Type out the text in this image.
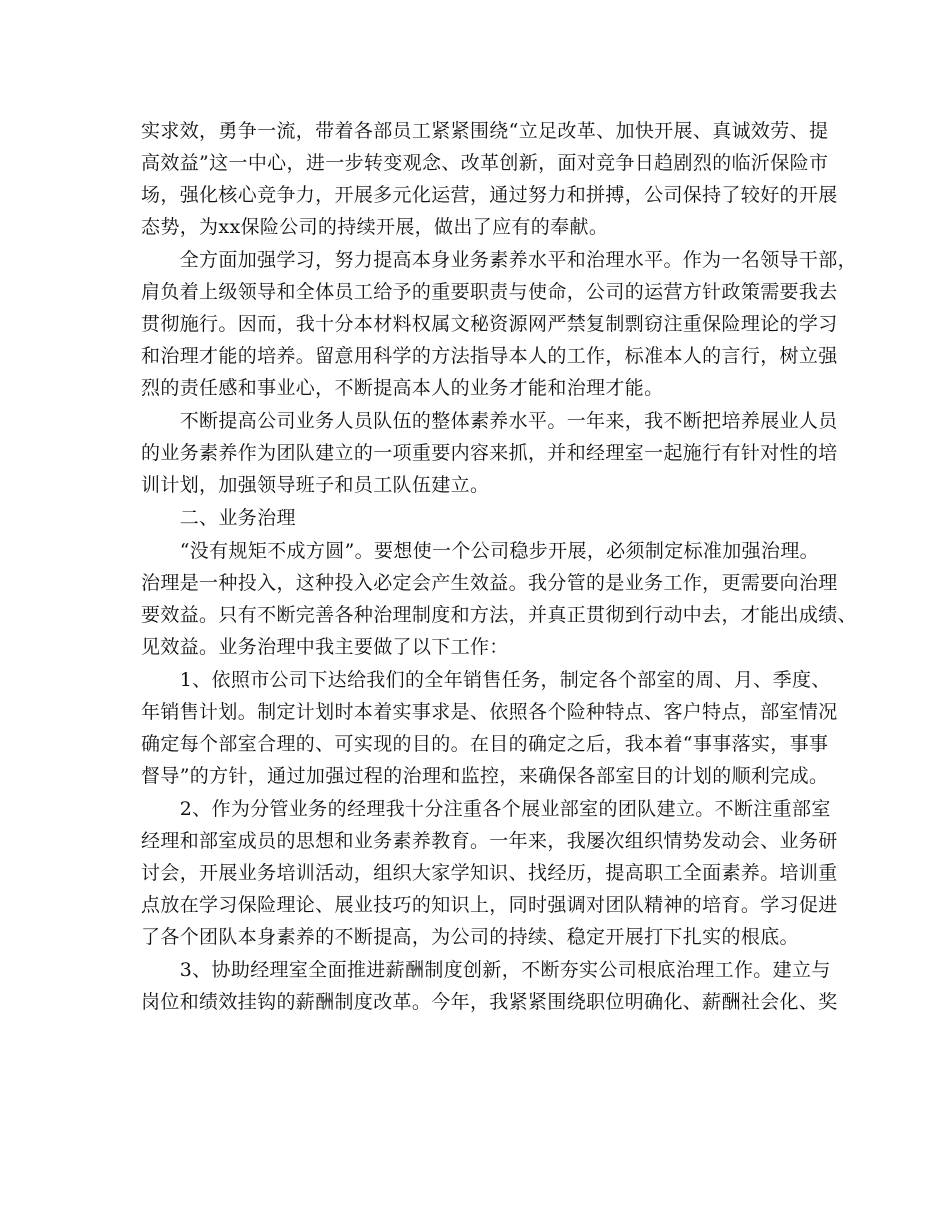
实求效，勇争一流，带着各部员工紧紧围绕“立足改革、加快开展、真诚效劳、提
高效益”这一中心，进一步转变观念、改革创新，面对竞争日趋剧烈的临沂保险市
场，强化核心竞争力，开展多元化运营，通过努力和拼搏，公司保持了较好的开展
态势，为xx保险公司的持续开展，做出了应有的奉献。

　　全方面加强学习，努力提高本身业务素养水平和治理水平。作为一名领导干部，
肩负着上级领导和全体员工给予的重要职责与使命，公司的运营方针政策需要我去
贯彻施行。因而，我十分本材料权属文秘资源网严禁复制剽窃注重保险理论的学习
和治理才能的培养。留意用科学的方法指导本人的工作，标准本人的言行，树立强
烈的责任感和事业心，不断提高本人的业务才能和治理才能。

　　不断提高公司业务人员队伍的整体素养水平。一年来，我不断把培养展业人员
的业务素养作为团队建立的一项重要内容来抓，并和经理室一起施行有针对性的培
训计划，加强领导班子和员工队伍建立。

　　二、业务治理

　　“没有规矩不成方圆”。要想使一个公司稳步开展，必须制定标准加强治理。
治理是一种投入，这种投入必定会产生效益。我分管的是业务工作，更需要向治理
要效益。只有不断完善各种治理制度和方法，并真正贯彻到行动中去，才能出成绩、
见效益。业务治理中我主要做了以下工作：

　　1、依照市公司下达给我们的全年销售任务，制定各个部室的周、月、季度、
年销售计划。制定计划时本着实事求是、依照各个险种特点、客户特点，部室情况
确定每个部室合理的、可实现的目的。在目的确定之后，我本着“事事落实，事事
督导”的方针，通过加强过程的治理和监控，来确保各部室目的计划的顺利完成。

　　2、作为分管业务的经理我十分注重各个展业部室的团队建立。不断注重部室
经理和部室成员的思想和业务素养教育。一年来，我屡次组织情势发动会、业务研
讨会，开展业务培训活动，组织大家学知识、找经历，提高职工全面素养。培训重
点放在学习保险理论、展业技巧的知识上，同时强调对团队精神的培育。学习促进
了各个团队本身素养的不断提高，为公司的持续、稳定开展打下扎实的根底。

　　3、协助经理室全面推进薪酬制度创新，不断夯实公司根底治理工作。建立与
岗位和绩效挂钩的薪酬制度改革。今年，我紧紧围绕职位明确化、薪酬社会化、奖
